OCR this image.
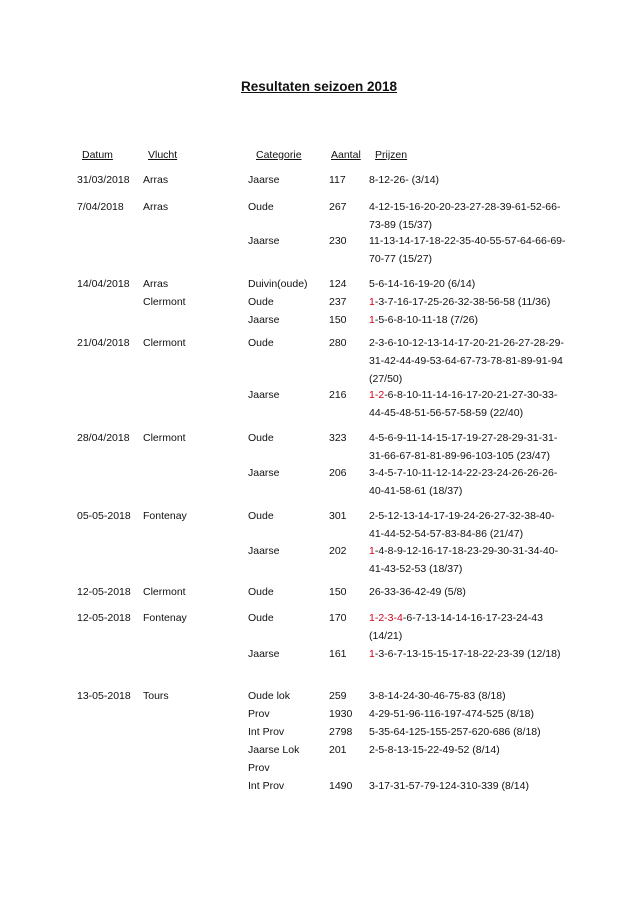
Resultaten seizoen 2018
Datum	Vlucht	Categorie	Aantal Prijzen
31/03/2018 Arras	Jaarse	117 8-12-26- (3/14)
7/04/2018 Arras	Oude	267 4-12-15-16-20-20-23-27-28-39-61-52-66-73-89 (15/37)
Jaarse	230 11-13-14-17-18-22-35-40-55-57-64-66-69-70-77 (15/27)
14/04/2018 Arras	Duivin(oude) 124 5-6-14-16-19-20 (6/14)
Clermont	Oude	237 1-3-7-16-17-25-26-32-38-56-58 (11/36)
Jaarse	150 1-5-6-8-10-11-18 (7/26)
21/04/2018 Clermont	Oude	280 2-3-6-10-12-13-14-17-20-21-26-27-28-29-31-42-44-49-53-64-67-73-78-81-89-91-94 (27/50)
Jaarse	216 1-2-6-8-10-11-14-16-17-20-21-27-30-33-44-45-48-51-56-57-58-59 (22/40)
28/04/2018 Clermont	Oude	323 4-5-6-9-11-14-15-17-19-27-28-29-31-31-31-66-67-81-81-89-96-103-105 (23/47)
Jaarse	206 3-4-5-7-10-11-12-14-22-23-24-26-26-26-40-41-58-61 (18/37)
05-05-2018 Fontenay	Oude	301 2-5-12-13-14-17-19-24-26-27-32-38-40-41-44-52-54-57-83-84-86 (21/47)
Jaarse	202 1-4-8-9-12-16-17-18-23-29-30-31-34-40-41-43-52-53 (18/37)
12-05-2018 Clermont	Oude	150 26-33-36-42-49 (5/8)
12-05-2018 Fontenay	Oude	170 1-2-3-4-6-7-13-14-14-16-17-23-24-43 (14/21)
Jaarse	161 1-3-6-7-13-15-15-17-18-22-23-39 (12/18)
13-05-2018 Tours	Oude lok	259 3-8-14-24-30-46-75-83 (8/18)
Prov	1930 4-29-51-96-116-197-474-525 (8/18)
Int Prov	2798 5-35-64-125-155-257-620-686 (8/18)
Jaarse Lok	201 2-5-8-13-15-22-49-52 (8/14)
Prov
Int Prov	1490 3-17-31-57-79-124-310-339 (8/14)
